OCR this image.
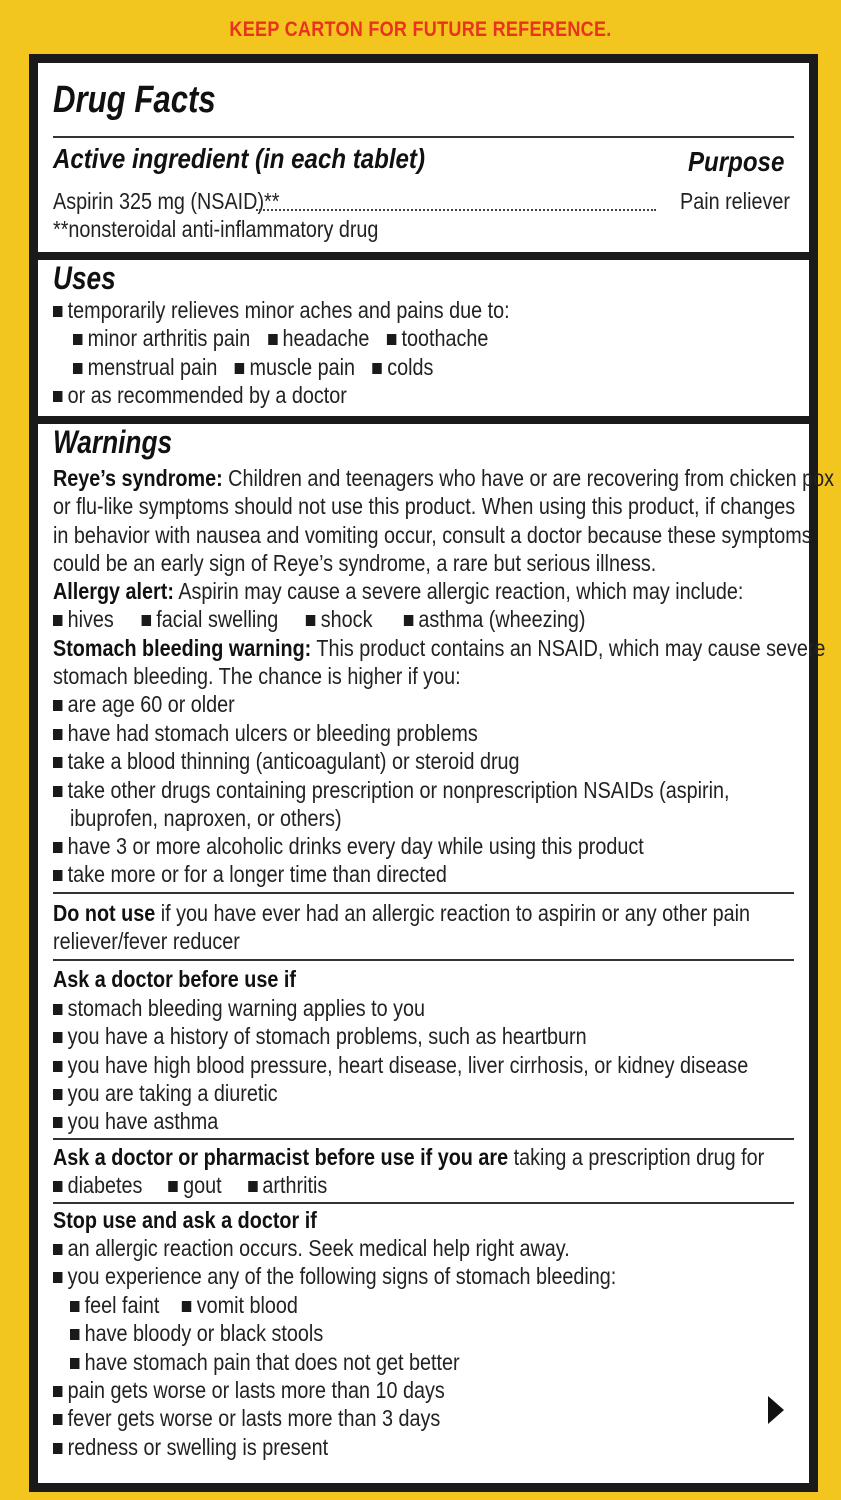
KEEP CARTON FOR FUTURE REFERENCE.
Drug Facts
Active ingredient (in each tablet)	Purpose
Aspirin 325 mg (NSAID)**	Pain reliever
**nonsteroidal anti-inflammatory drug
Uses
temporarily relieves minor aches and pains due to:
minor arthritis pain headache toothache
menstrual pain muscle pain colds
or as recommended by a doctor
Warnings
Reye’s syndrome: Children and teenagers who have or are recovering from chicken pox
or flu-like symptoms should not use this product. When using this product, if changes
in behavior with nausea and vomiting occur, consult a doctor because these symptoms
could be an early sign of Reye’s syndrome, a rare but serious illness.
Allergy alert: Aspirin may cause a severe allergic reaction, which may include:
hives facial swelling shock asthma (wheezing)
Stomach bleeding warning: This product contains an NSAID, which may cause severe
stomach bleeding. The chance is higher if you:
are age 60 or older
have had stomach ulcers or bleeding problems
take a blood thinning (anticoagulant) or steroid drug
take other drugs containing prescription or nonprescription NSAIDs (aspirin,
ibuprofen, naproxen, or others)
have 3 or more alcoholic drinks every day while using this product
take more or for a longer time than directed
Do not use if you have ever had an allergic reaction to aspirin or any other pain
reliever/fever reducer
Ask a doctor before use if
stomach bleeding warning applies to you
you have a history of stomach problems, such as heartburn
you have high blood pressure, heart disease, liver cirrhosis, or kidney disease
you are taking a diuretic
you have asthma
Ask a doctor or pharmacist before use if you are taking a prescription drug for
diabetes gout arthritis
Stop use and ask a doctor if
an allergic reaction occurs. Seek medical help right away.
you experience any of the following signs of stomach bleeding:
feel faint vomit blood
have bloody or black stools
have stomach pain that does not get better
pain gets worse or lasts more than 10 days
fever gets worse or lasts more than 3 days
redness or swelling is present
